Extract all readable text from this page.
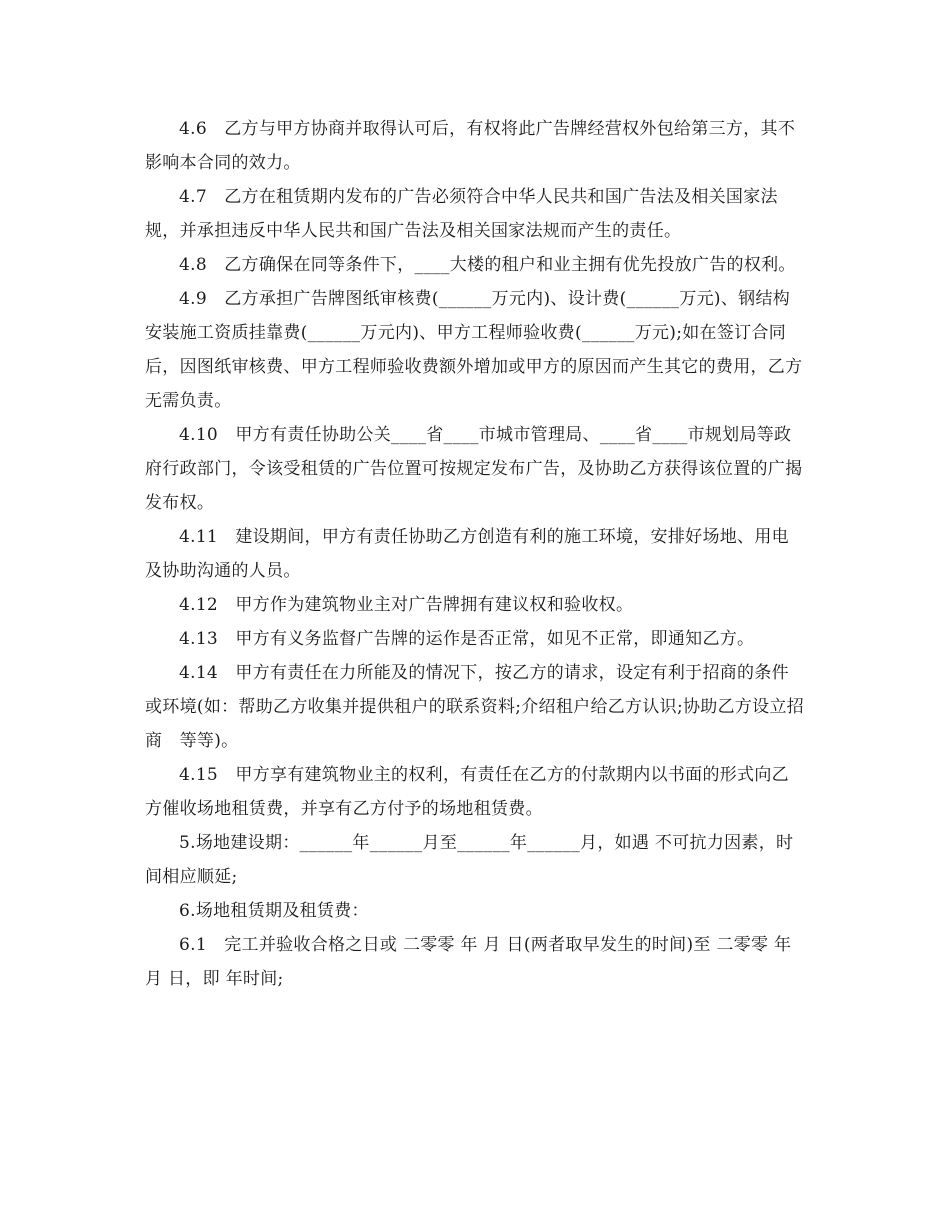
4.6　乙方与甲方协商并取得认可后，有权将此广告牌经营权外包给第三方，其不影响本合同的效力。

4.7　乙方在租赁期内发布的广告必须符合中华人民共和国广告法及相关国家法规，并承担违反中华人民共和国广告法及相关国家法规而产生的责任。

4.8　乙方确保在同等条件下，____大楼的租户和业主拥有优先投放广告的权利。

4.9　乙方承担广告牌图纸审核费(______万元内)、设计费(______万元)、钢结构安装施工资质挂靠费(______万元内)、甲方工程师验收费(______万元);如在签订合同后，因图纸审核费、甲方工程师验收费额外增加或甲方的原因而产生其它的费用，乙方无需负责。

4.10　甲方有责任协助公关____省____市城市管理局、____省____市规划局等政府行政部门，令该受租赁的广告位置可按规定发布广告，及协助乙方获得该位置的广揭发布权。

4.11　建设期间，甲方有责任协助乙方创造有利的施工环境，安排好场地、用电及协助沟通的人员。

4.12　甲方作为建筑物业主对广告牌拥有建议权和验收权。

4.13　甲方有义务监督广告牌的运作是否正常，如见不正常，即通知乙方。

4.14　甲方有责任在力所能及的情况下，按乙方的请求，设定有利于招商的条件或环境(如：帮助乙方收集并提供租户的联系资料;介绍租户给乙方认识;协助乙方设立招商　等等)。

4.15　甲方享有建筑物业主的权利，有责任在乙方的付款期内以书面的形式向乙方催收场地租赁费，并享有乙方付予的场地租赁费。

5.场地建设期：______年______月至______年______月，如遇 不可抗力因素，时间相应顺延;

6.场地租赁期及租赁费：

6.1　完工并验收合格之日或 二零零 年 月 日(两者取早发生的时间)至 二零零 年 月 日，即 年时间;
